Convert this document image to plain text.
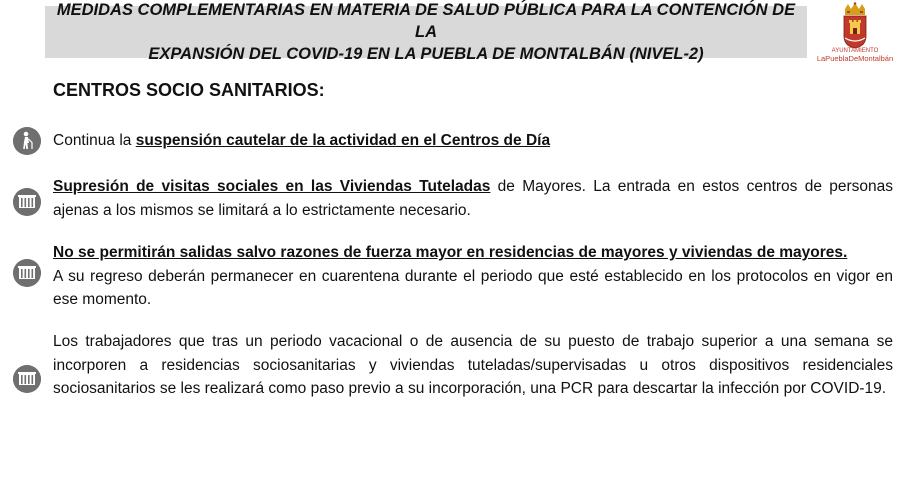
MEDIDAS COMPLEMENTARIAS EN MATERIA DE SALUD PÚBLICA PARA LA CONTENCIÓN DE LA
EXPANSIÓN DEL COVID-19 EN LA PUEBLA DE MONTALBÁN (NIVEL-2)	AYUNTAMIENTO
LaPueblaDeMontalbán
CENTROS SOCIO SANITARIOS:
Continua la suspensión cautelar de la actividad en el Centros de Día
Supresión de visitas sociales en las Viviendas Tuteladas de Mayores. La entrada en estos centros de personas ajenas a los mismos se limitará a lo estrictamente necesario.
No se permitirán salidas salvo razones de fuerza mayor en residencias de mayores y viviendas de mayores.
A su regreso deberán permanecer en cuarentena durante el periodo que esté establecido en los protocolos en vigor en ese momento.
Los trabajadores que tras un periodo vacacional o de ausencia de su puesto de trabajo superior a una semana se incorporen a residencias sociosanitarias y viviendas tuteladas/supervisadas u otros dispositivos residenciales sociosanitarios se les realizará como paso previo a su incorporación, una PCR para descartar la infección por COVID-19.
